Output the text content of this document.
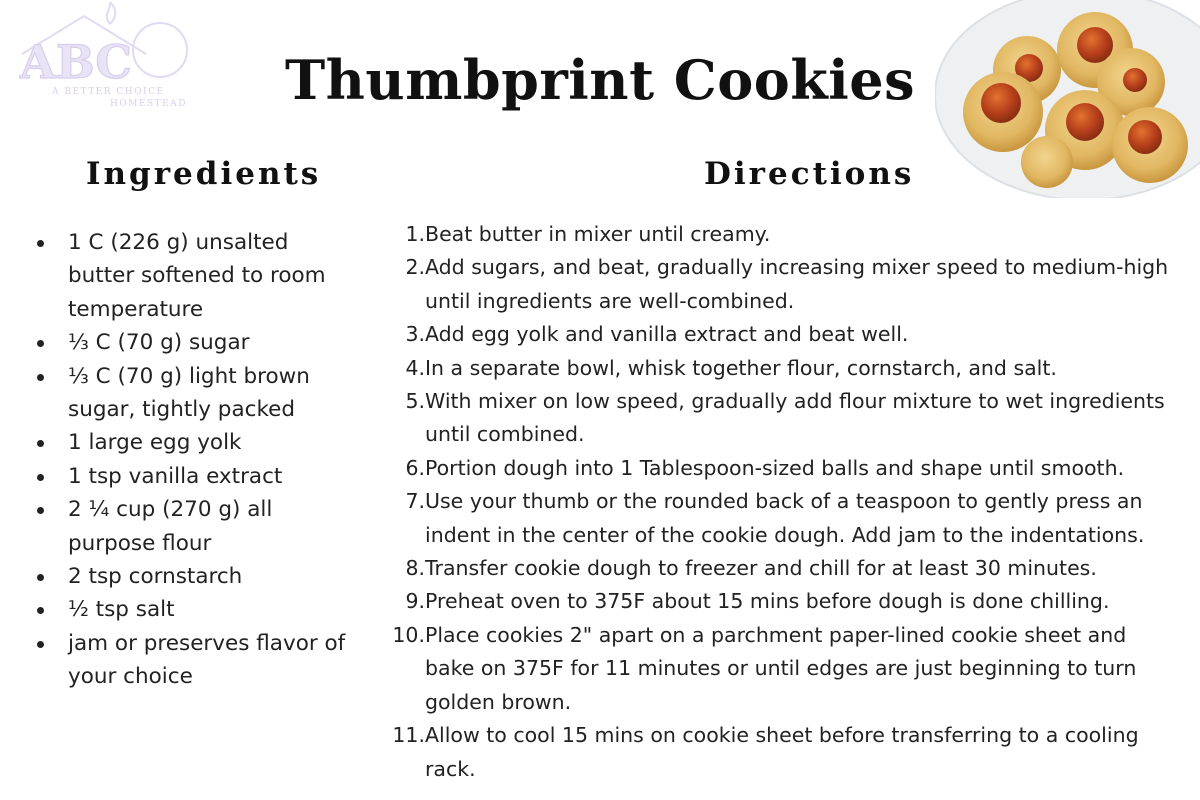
ABC
A BETTER CHOICE
HOMESTEAD	Thumbprint Cookies
Ingredients	Directions
1 C (226 g) unsalted butter softened to room temperature
⅓ C (70 g) sugar
⅓ C (70 g) light brown sugar, tightly packed
1 large egg yolk
1 tsp vanilla extract
2 ¼ cup (270 g) all purpose flour
2 tsp cornstarch
½ tsp salt
jam or preserves flavor of your choice
1. Beat butter in mixer until creamy.
2. Add sugars, and beat, gradually increasing mixer speed to medium-high until ingredients are well-combined.
3. Add egg yolk and vanilla extract and beat well.
4. In a separate bowl, whisk together flour, cornstarch, and salt.
5. With mixer on low speed, gradually add flour mixture to wet ingredients until combined.
6. Portion dough into 1 Tablespoon-sized balls and shape until smooth.
7. Use your thumb or the rounded back of a teaspoon to gently press an indent in the center of the cookie dough. Add jam to the indentations.
8. Transfer cookie dough to freezer and chill for at least 30 minutes.
9. Preheat oven to 375F about 15 mins before dough is done chilling.
10. Place cookies 2" apart on a parchment paper-lined cookie sheet and bake on 375F for 11 minutes or until edges are just beginning to turn golden brown.
11. Allow to cool 15 mins on cookie sheet before transferring to a cooling rack.
